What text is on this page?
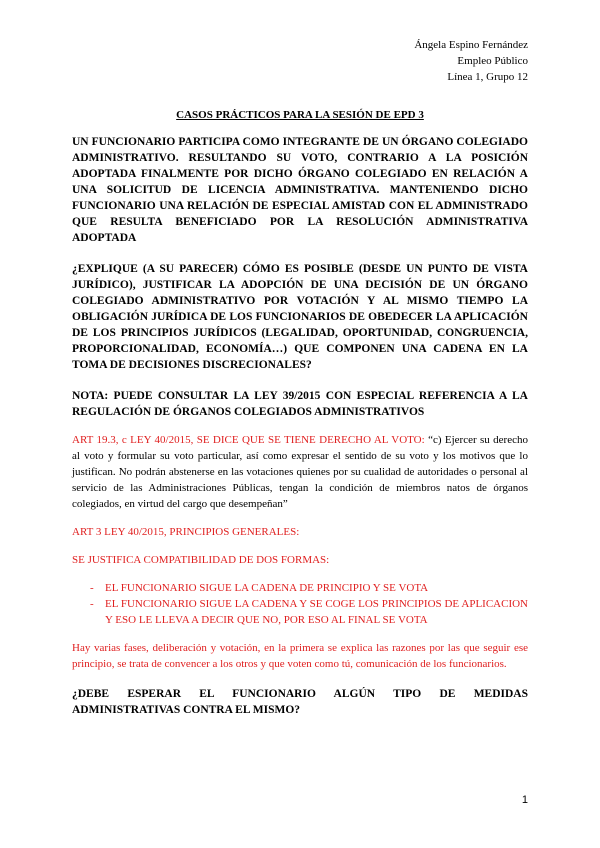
Ángela Espino Fernández
Empleo Público
Línea 1, Grupo 12
CASOS PRÁCTICOS PARA LA SESIÓN DE EPD 3

UN FUNCIONARIO PARTICIPA COMO INTEGRANTE DE UN ÓRGANO COLEGIADO ADMINISTRATIVO. RESULTANDO SU VOTO, CONTRARIO A LA POSICIÓN ADOPTADA FINALMENTE POR DICHO ÓRGANO COLEGIADO EN RELACIÓN A UNA SOLICITUD DE LICENCIA ADMINISTRATIVA. MANTENIENDO DICHO FUNCIONARIO UNA RELACIÓN DE ESPECIAL AMISTAD CON EL ADMINISTRADO QUE RESULTA BENEFICIADO POR LA RESOLUCIÓN ADMINISTRATIVA ADOPTADA

¿EXPLIQUE (A SU PARECER) CÓMO ES POSIBLE (DESDE UN PUNTO DE VISTA JURÍDICO), JUSTIFICAR LA ADOPCIÓN DE UNA DECISIÓN DE UN ÓRGANO COLEGIADO ADMINISTRATIVO POR VOTACIÓN Y AL MISMO TIEMPO LA OBLIGACIÓN JURÍDICA DE LOS FUNCIONARIOS DE OBEDECER LA APLICACIÓN DE LOS PRINCIPIOS JURÍDICOS (LEGALIDAD, OPORTUNIDAD, CONGRUENCIA, PROPORCIONALIDAD, ECONOMÍA…) QUE COMPONEN UNA CADENA EN LA TOMA DE DECISIONES DISCRECIONALES?

NOTA: PUEDE CONSULTAR LA LEY 39/2015 CON ESPECIAL REFERENCIA A LA REGULACIÓN DE ÓRGANOS COLEGIADOS ADMINISTRATIVOS

ART 19.3, c LEY 40/2015, SE DICE QUE SE TIENE DERECHO AL VOTO: “c) Ejercer su derecho al voto y formular su voto particular, así como expresar el sentido de su voto y los motivos que lo justifican. No podrán abstenerse en las votaciones quienes por su cualidad de autoridades o personal al servicio de las Administraciones Públicas, tengan la condición de miembros natos de órganos colegiados, en virtud del cargo que desempeñan”

ART 3 LEY 40/2015, PRINCIPIOS GENERALES:
SE JUSTIFICA COMPATIBILIDAD DE DOS FORMAS:
- EL FUNCIONARIO SIGUE LA CADENA DE PRINCIPIO Y SE VOTA
- EL FUNCIONARIO SIGUE LA CADENA Y SE COGE LOS PRINCIPIOS DE APLICACION Y ESO LE LLEVA A DECIR QUE NO, POR ESO AL FINAL SE VOTA

Hay varias fases, deliberación y votación, en la primera se explica las razones por las que seguir ese principio, se trata de convencer a los otros y que voten como tú, comunicación de los funcionarios.

¿DEBE ESPERAR EL FUNCIONARIO ALGÚN TIPO DE MEDIDAS ADMINISTRATIVAS CONTRA EL MISMO?

1
